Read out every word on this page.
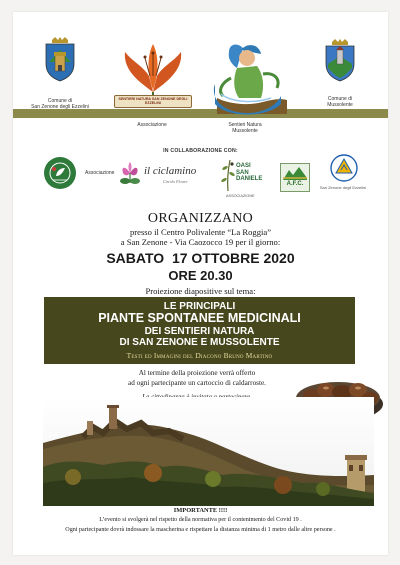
Comune di
San Zenone degli Ezzelini
SENTIERI NATURA SAN ZENONE DEGLI EZZELINI
Associazione	Sentieri Natura
Mussolente
Comune di
Mussolente
IN COLLABORAZIONE CON:
Associazione	il ciclamino
Circolo Flower
OASI SAN DANIELE
ASSOCIAZIONE
A.F.C.
San Zenone degli Ezzelini
ORGANIZZANO
presso il Centro Polivalente “La Roggia”
a San Zenone - Via Caozocco 19 per il giorno:
SABATO  17 OTTOBRE 2020
ORE 20.30
Proiezione diapositive sul tema:
LE PRINCIPALI
PIANTE SPONTANEE MEDICINALI
DEI SENTIERI NATURA
DI SAN ZENONE E MUSSOLENTE
Testi ed Immagini del Diacono Bruno Martino
Al termine della proiezione verrà offerto
ad ogni partecipante un cartoccio di caldarroste.
IMPORTANTE !!!!
L’evento si svolgerà nel rispetto della normativa per il contenimento del Covid 19 .
Ogni partecipante dovrà indossare la mascherina e rispettare la distanza minima di 1 metro dalle altre persone .
